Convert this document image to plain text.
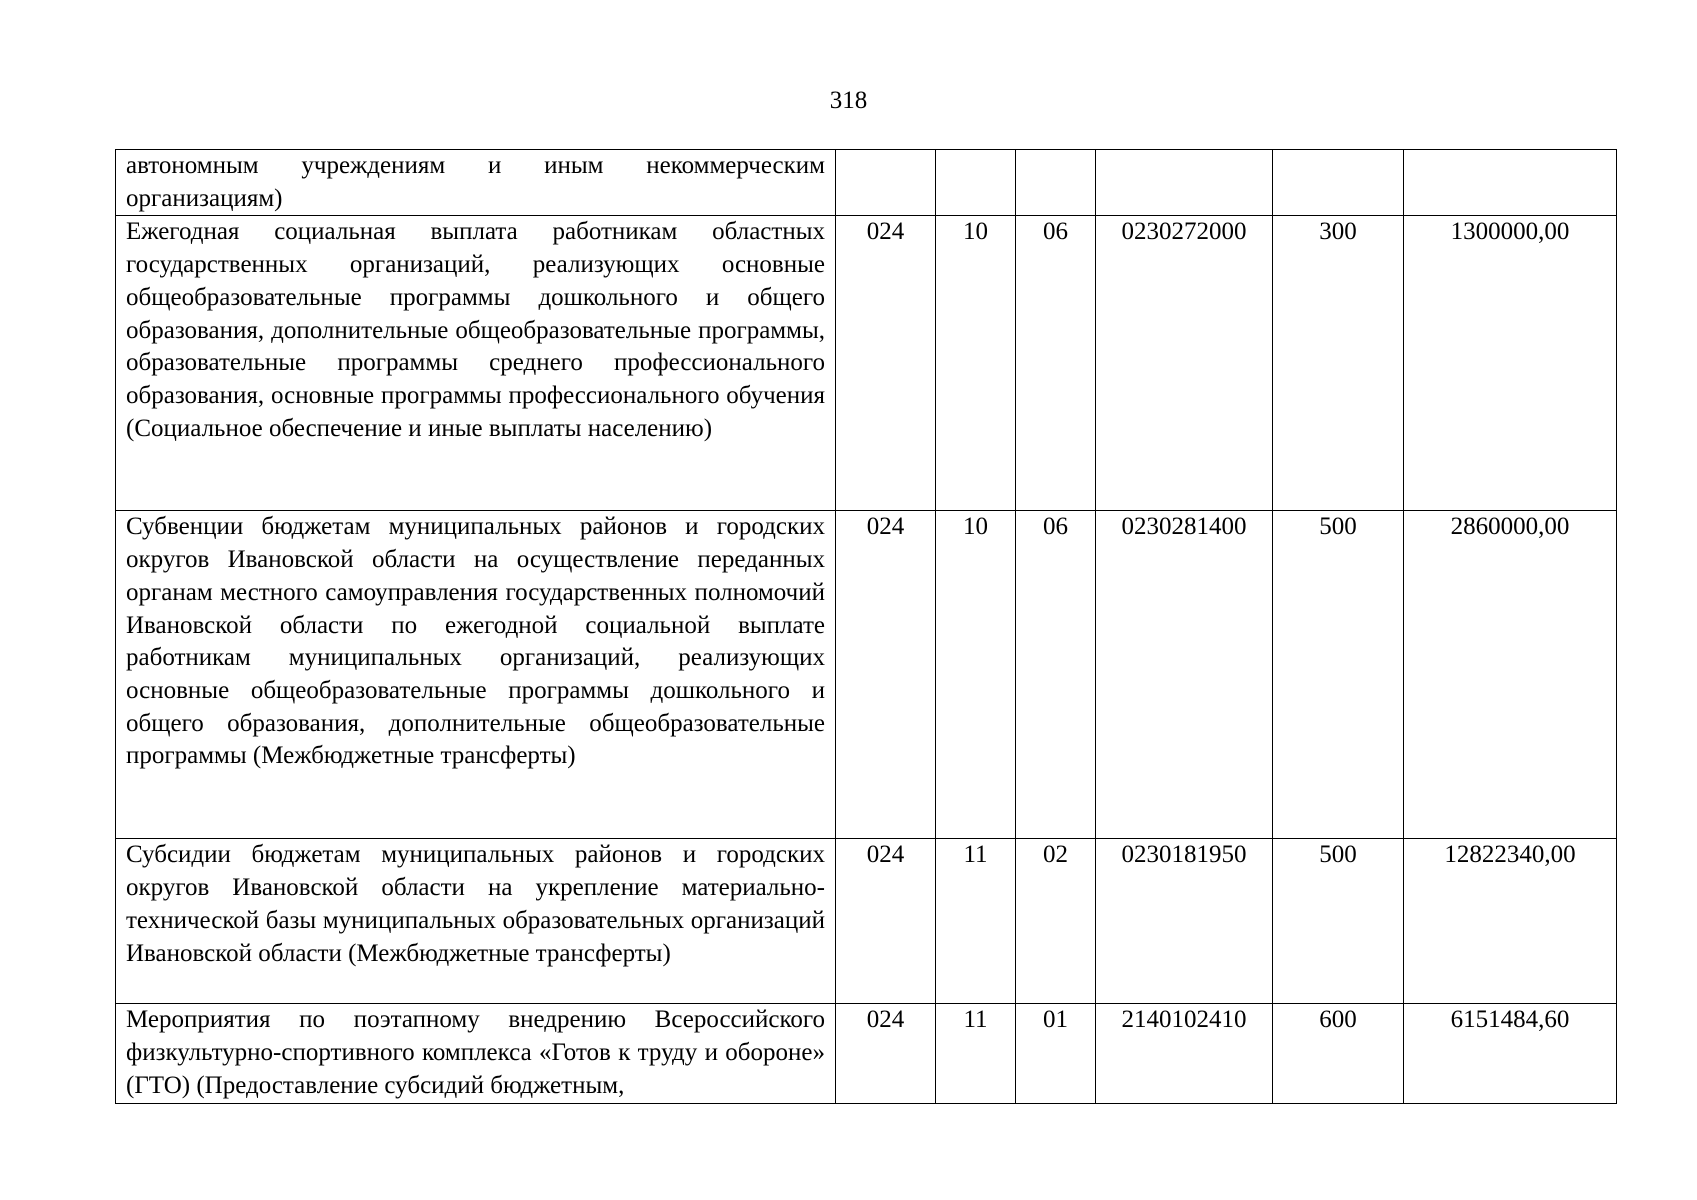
318
автономным учреждениям и иным некоммерческим организациям)						
Ежегодная социальная выплата работникам областных государственных организаций, реализующих основные общеобразовательные программы дошкольного и общего образования, дополнительные общеобразовательные программы, образовательные программы среднего профессионального образования, основные программы профессионального обучения (Социальное обеспечение и иные выплаты населению)	024	10	06	0230272000	300	1300000,00
Субвенции бюджетам муниципальных районов и городских округов Ивановской области на осуществление переданных органам местного самоуправления государственных полномочий Ивановской области по ежегодной социальной выплате работникам муниципальных организаций, реализующих основные общеобразовательные программы дошкольного и общего образования, дополнительные общеобразовательные программы (Межбюджетные трансферты)	024	10	06	0230281400	500	2860000,00
Субсидии бюджетам муниципальных районов и городских округов Ивановской области на укрепление материально-технической базы муниципальных образовательных организаций Ивановской области (Межбюджетные трансферты)	024	11	02	0230181950	500	12822340,00
Мероприятия по поэтапному внедрению Всероссийского физкультурно-спортивного комплекса «Готов к труду и обороне» (ГТО) (Предоставление субсидий бюджетным,	024	11	01	2140102410	600	6151484,60
